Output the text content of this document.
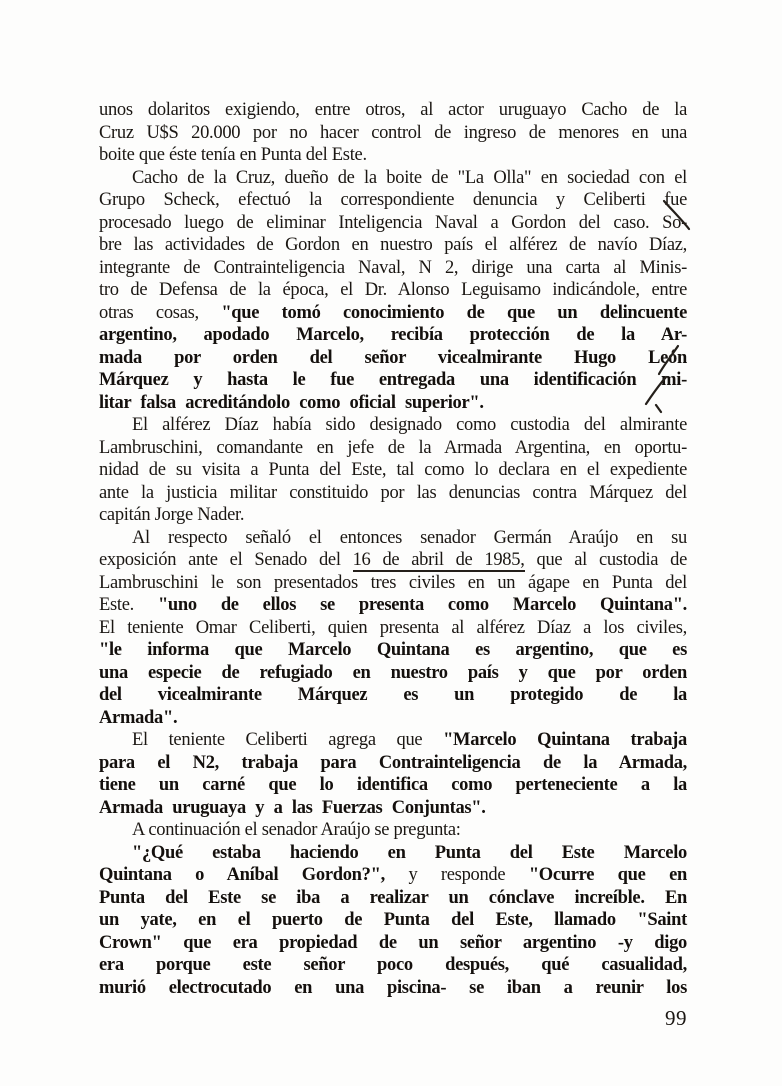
unos dolaritos exigiendo, entre otros, al actor uruguayo Cacho de la
Cruz U$S 20.000 por no hacer control de ingreso de menores en una
boite que éste tenía en Punta del Este.
Cacho de la Cruz, dueño de la boite de "La Olla" en sociedad con el
Grupo Scheck, efectuó la correspondiente denuncia y Celiberti fue
procesado luego de eliminar Inteligencia Naval a Gordon del caso. So-
bre las actividades de Gordon en nuestro país el alférez de navío Díaz,
integrante de Contrainteligencia Naval, N 2, dirige una carta al Minis-
tro de Defensa de la época, el Dr. Alonso Leguisamo indicándole, entre
otras cosas, "que tomó conocimiento de que un delincuente
argentino, apodado Marcelo, recibía protección de la Ar-
mada por orden del señor vicealmirante Hugo León
Márquez y hasta le fue entregada una identificación mi-
litar falsa acreditándolo como oficial superior".
El alférez Díaz había sido designado como custodia del almirante
Lambruschini, comandante en jefe de la Armada Argentina, en oportu-
nidad de su visita a Punta del Este, tal como lo declara en el expediente
ante la justicia militar constituido por las denuncias contra Márquez del
capitán Jorge Nader.
Al respecto señaló el entonces senador Germán Araújo en su
exposición ante el Senado del 16 de abril de 1985, que al custodia de
Lambruschini le son presentados tres civiles en un ágape en Punta del
Este. "uno de ellos se presenta como Marcelo Quintana".
El teniente Omar Celiberti, quien presenta al alférez Díaz a los civiles,
"le informa que Marcelo Quintana es argentino, que es
una especie de refugiado en nuestro país y que por orden
del vicealmirante Márquez es un protegido de la
Armada".
El teniente Celiberti agrega que "Marcelo Quintana trabaja
para el N2, trabaja para Contrainteligencia de la Armada,
tiene un carné que lo identifica como perteneciente a la
Armada uruguaya y a las Fuerzas Conjuntas".
A continuación el senador Araújo se pregunta:
"¿Qué estaba haciendo en Punta del Este Marcelo
Quintana o Aníbal Gordon?", y responde "Ocurre que en
Punta del Este se iba a realizar un cónclave increíble. En
un yate, en el puerto de Punta del Este, llamado "Saint
Crown" que era propiedad de un señor argentino -y digo
era porque este señor poco después, qué casualidad,
murió electrocutado en una piscina- se iban a reunir los
99
